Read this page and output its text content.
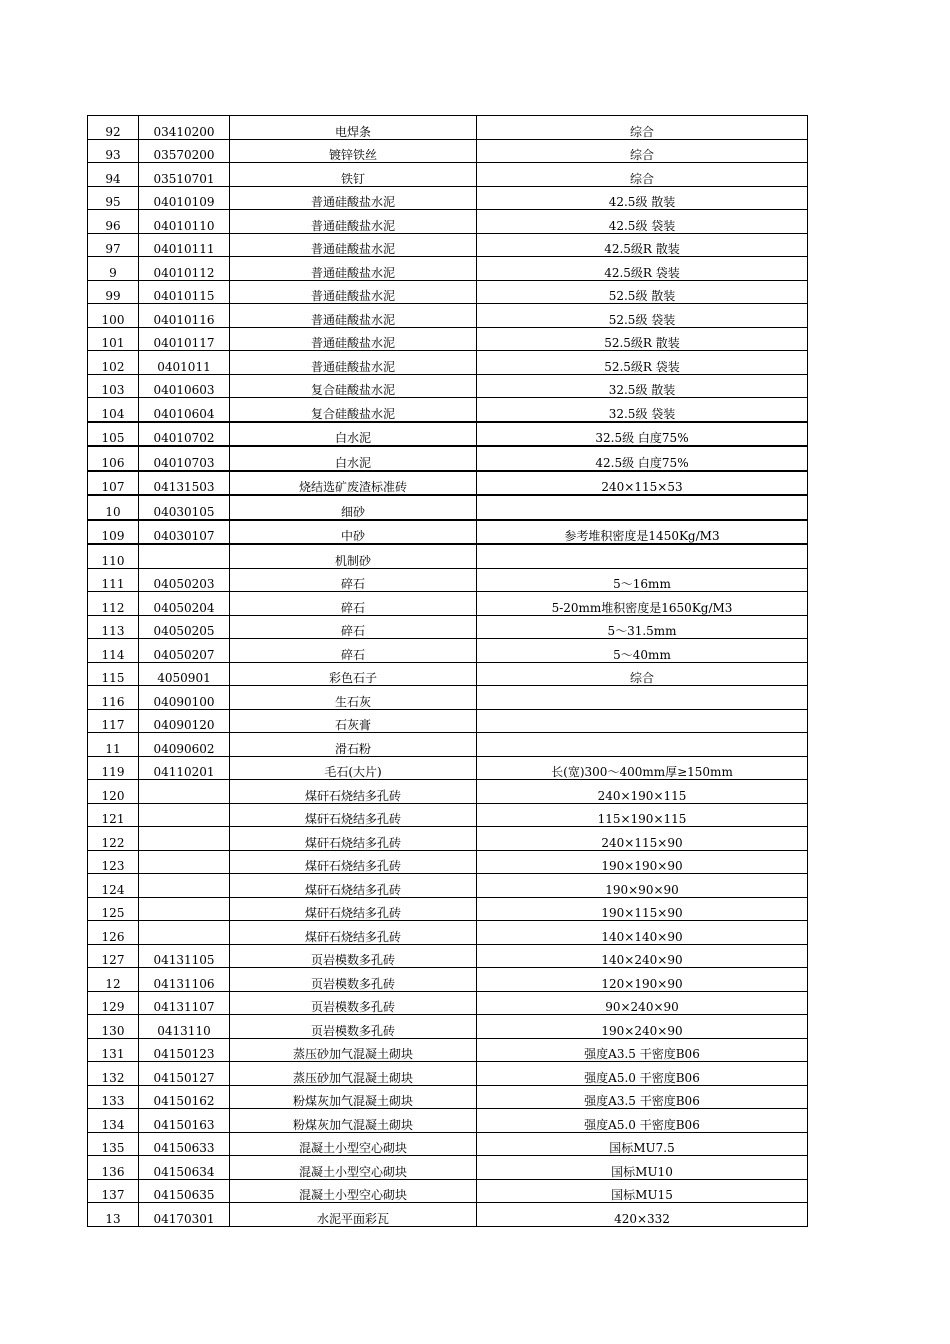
92	03410200	电焊条	综合
93	03570200	镀锌铁丝	综合
94	03510701	铁钉	综合
95	04010109	普通硅酸盐水泥	42.5级 散装
96	04010110	普通硅酸盐水泥	42.5级 袋装
97	04010111	普通硅酸盐水泥	42.5级R 散装
9	04010112	普通硅酸盐水泥	42.5级R 袋装
99	04010115	普通硅酸盐水泥	52.5级 散装
100	04010116	普通硅酸盐水泥	52.5级 袋装
101	04010117	普通硅酸盐水泥	52.5级R 散装
102	0401011	普通硅酸盐水泥	52.5级R 袋装
103	04010603	复合硅酸盐水泥	32.5级 散装
104	04010604	复合硅酸盐水泥	32.5级 袋装
105	04010702	白水泥	32.5级 白度75%
106	04010703	白水泥	42.5级 白度75%
107	04131503	烧结选矿废渣标准砖	240×115×53
10	04030105	细砂	
109	04030107	中砂	参考堆积密度是1450Kg/M3
110		机制砂	
111	04050203	碎石	5～16mm
112	04050204	碎石	5-20mm堆积密度是1650Kg/M3
113	04050205	碎石	5～31.5mm
114	04050207	碎石	5～40mm
115	4050901	彩色石子	综合
116	04090100	生石灰	
117	04090120	石灰膏	
11	04090602	滑石粉	
119	04110201	毛石(大片)	长(宽)300～400mm厚≥150mm
120		煤矸石烧结多孔砖	240×190×115
121		煤矸石烧结多孔砖	115×190×115
122		煤矸石烧结多孔砖	240×115×90
123		煤矸石烧结多孔砖	190×190×90
124		煤矸石烧结多孔砖	190×90×90
125		煤矸石烧结多孔砖	190×115×90
126		煤矸石烧结多孔砖	140×140×90
127	04131105	页岩模数多孔砖	140×240×90
12	04131106	页岩模数多孔砖	120×190×90
129	04131107	页岩模数多孔砖	90×240×90
130	0413110	页岩模数多孔砖	190×240×90
131	04150123	蒸压砂加气混凝土砌块	强度A3.5 干密度B06
132	04150127	蒸压砂加气混凝土砌块	强度A5.0 干密度B06
133	04150162	粉煤灰加气混凝土砌块	强度A3.5 干密度B06
134	04150163	粉煤灰加气混凝土砌块	强度A5.0 干密度B06
135	04150633	混凝土小型空心砌块	国标MU7.5
136	04150634	混凝土小型空心砌块	国标MU10
137	04150635	混凝土小型空心砌块	国标MU15
13	04170301	水泥平面彩瓦	420×332
